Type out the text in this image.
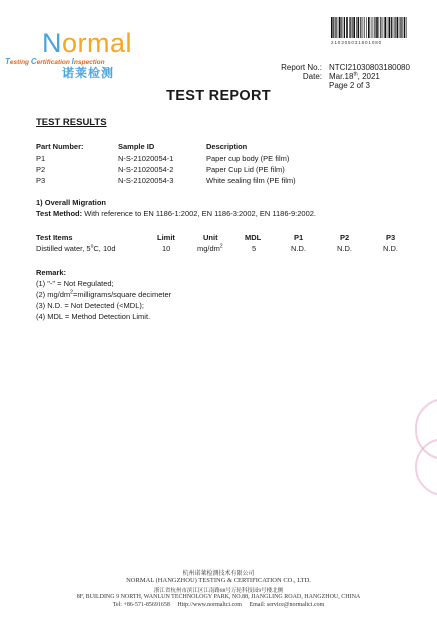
Normal
Testing Certification Inspection
诺莱检测
210305031801080
Report No.: NTCI21030803180080
Date: Mar.18th, 2021
Page 2 of 3
TEST REPORT
TEST RESULTS
Part Number:	Sample ID	Description
P1	N-S-21020054-1	Paper cup body (PE film)
P2	N-S-21020054-2	Paper Cup Lid (PE film)
P3	N-S-21020054-3	White sealing film (PE film)
1) Overall Migration
Test Method: With reference to EN 1186-1:2002, EN 1186-3:2002, EN 1186-9:2002.
Test Items	Limit	Unit	MDL	P1	P2	P3
Distilled water, 5$^o$C, 10d	10	$mg/dm^2$	5	N.D.	N.D.	N.D.
Remark:
(1) "-" = Not Regulated;
(2) $mg/dm^2=milligrams$/square decimeter
(3) N.D. = Not Detected (<MDL);
(4) MDL = Method Detection Limit.
杭州诺莱检测技术有限公司
NORMAL (HANGZHOU) TESTING & CERTIFICATION CO., LTD.
浙江省杭州市滨江区江南路88号万轮科技园9号楼北侧
8F, BUILDING 9 NORTH, WANLUN TECHNOLOGY PARK, NO.88, JIANGLING ROAD, HANGZHOU, CHINA
Tel: +86-571-85691658 Http://www.normaltci.com Email: service@normaltci.com
